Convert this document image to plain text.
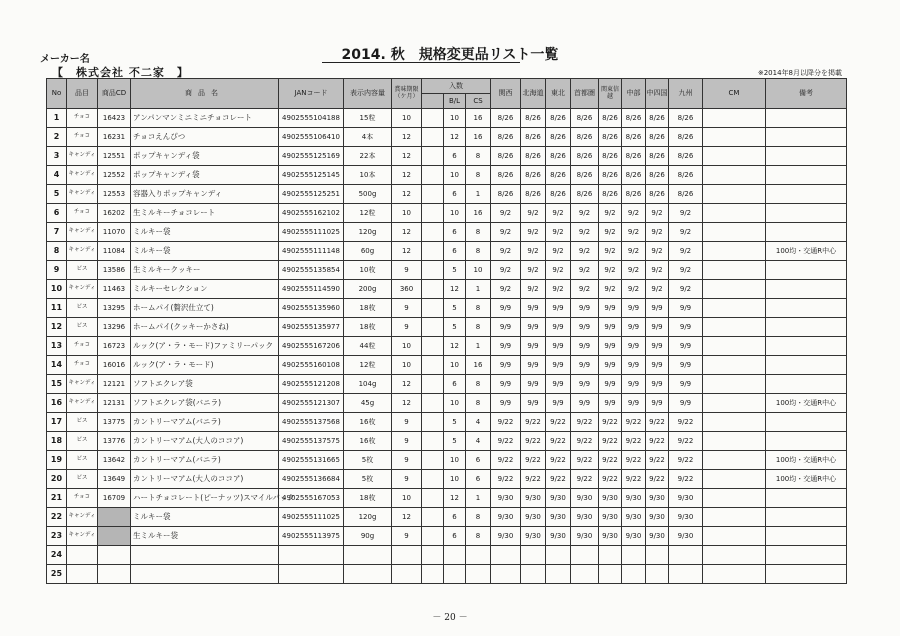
メーカー名
【　株式会社 不二家　】
2014. 秋　規格変更品リスト一覧
※2014年8月以降分を掲載
No	品目	商品CD	商品名	JANコード	表示内容量	賞味期限（ケ月）	入数			関西	北海道	東北	首都圏	関東信越	中部	中四国	九州	CM	備考
								B/L	CS										
1	チョコ	16423	アンパンマンミニミニチョコレート	4902555104188	15粒	10		10	16	8/26	8/26	8/26	8/26	8/26	8/26	8/26	8/26		
2	チョコ	16231	チョコえんぴつ	4902555106410	4本	12		12	16	8/26	8/26	8/26	8/26	8/26	8/26	8/26	8/26		
3	キャンディ	12551	ポップキャンディ袋	4902555125169	22本	12		6	8	8/26	8/26	8/26	8/26	8/26	8/26	8/26	8/26		
4	キャンディ	12552	ポップキャンディ袋	4902555125145	10本	12		10	8	8/26	8/26	8/26	8/26	8/26	8/26	8/26	8/26		
5	キャンディ	12553	容器入りポップキャンディ	4902555125251	500g	12		6	1	8/26	8/26	8/26	8/26	8/26	8/26	8/26	8/26		
6	チョコ	16202	生ミルキーチョコレート	4902555162102	12粒	10		10	16	9/2	9/2	9/2	9/2	9/2	9/2	9/2	9/2		
7	キャンディ	11070	ミルキー袋	4902555111025	120g	12		6	8	9/2	9/2	9/2	9/2	9/2	9/2	9/2	9/2		
8	キャンディ	11084	ミルキー袋	4902555111148	60g	12		6	8	9/2	9/2	9/2	9/2	9/2	9/2	9/2	9/2		100均・交通R中心
9	ビス	13586	生ミルキークッキー	4902555135854	10枚	9		5	10	9/2	9/2	9/2	9/2	9/2	9/2	9/2	9/2		
10	キャンディ	11463	ミルキーセレクション	4902555114590	200g	360		12	1	9/2	9/2	9/2	9/2	9/2	9/2	9/2	9/2		
11	ビス	13295	ホームパイ(贅沢仕立て)	4902555135960	18枚	9		5	8	9/9	9/9	9/9	9/9	9/9	9/9	9/9	9/9		
12	ビス	13296	ホームパイ(クッキーかさね)	4902555135977	18枚	9		5	8	9/9	9/9	9/9	9/9	9/9	9/9	9/9	9/9		
13	チョコ	16723	ルック(ア・ラ・モード)ファミリーパック	4902555167206	44粒	10		12	1	9/9	9/9	9/9	9/9	9/9	9/9	9/9	9/9		
14	チョコ	16016	ルック(ア・ラ・モード)	4902555160108	12粒	10		10	16	9/9	9/9	9/9	9/9	9/9	9/9	9/9	9/9		
15	キャンディ	12121	ソフトエクレア袋	4902555121208	104g	12		6	8	9/9	9/9	9/9	9/9	9/9	9/9	9/9	9/9		
16	キャンディ	12131	ソフトエクレア袋(バニラ)	4902555121307	45g	12		10	8	9/9	9/9	9/9	9/9	9/9	9/9	9/9	9/9		100均・交通R中心
17	ビス	13775	カントリーマアム(バニラ)	4902555137568	16枚	9		5	4	9/22	9/22	9/22	9/22	9/22	9/22	9/22	9/22		
18	ビス	13776	カントリーマアム(大人のココア)	4902555137575	16枚	9		5	4	9/22	9/22	9/22	9/22	9/22	9/22	9/22	9/22		
19	ビス	13642	カントリーマアム(バニラ)	4902555131665	5枚	9		10	6	9/22	9/22	9/22	9/22	9/22	9/22	9/22	9/22		100均・交通R中心
20	ビス	13649	カントリーマアム(大人のココア)	4902555136684	5枚	9		10	6	9/22	9/22	9/22	9/22	9/22	9/22	9/22	9/22		100均・交通R中心
21	チョコ	16709	ハートチョコレート(ピーナッツ)スマイルパック	4902555167053	18枚	10		12	1	9/30	9/30	9/30	9/30	9/30	9/30	9/30	9/30		
22	キャンディ		ミルキー袋	4902555111025	120g	12		6	8	9/30	9/30	9/30	9/30	9/30	9/30	9/30	9/30		
23	キャンディ		生ミルキー袋	4902555113975	90g	9		6	8	9/30	9/30	9/30	9/30	9/30	9/30	9/30	9/30		
24																			
25																			
－ 20 －
